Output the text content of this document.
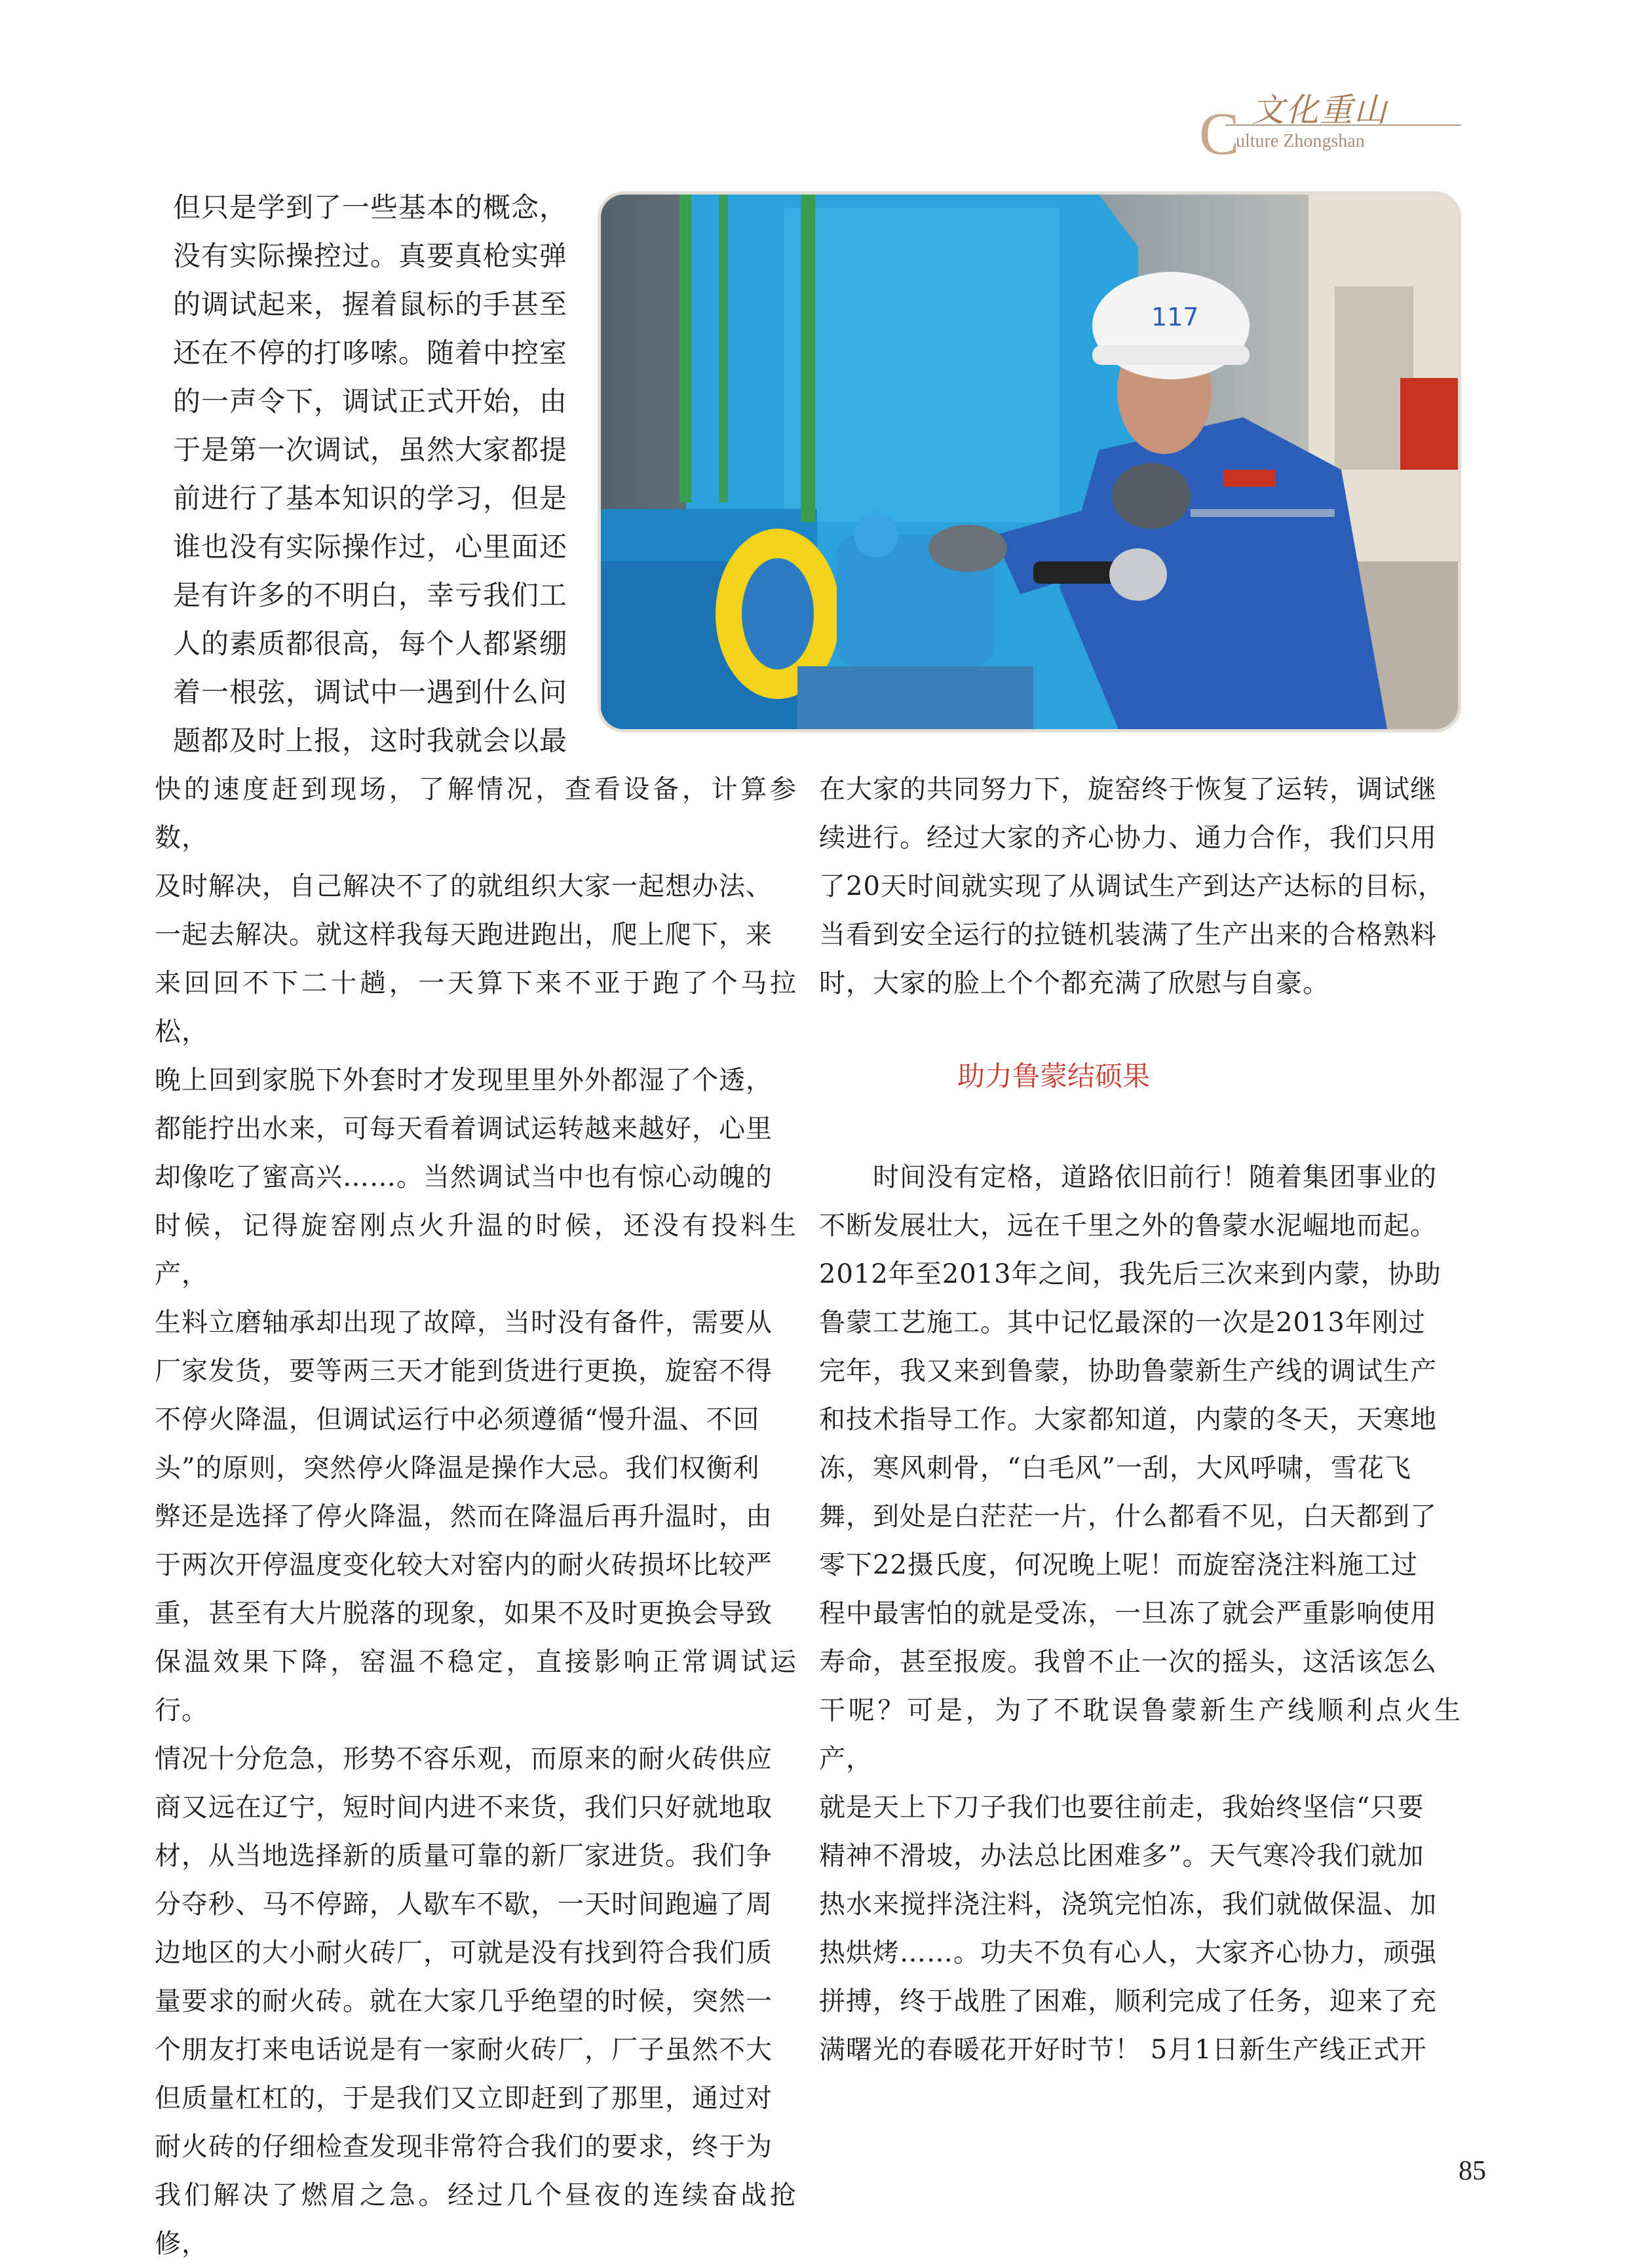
C 文化重山
ulture Zhongshan
117
但只是学到了一些基本的概念，
没有实际操控过。真要真枪实弹
的调试起来，握着鼠标的手甚至
还在不停的打哆嗦。随着中控室
的一声令下，调试正式开始，由
于是第一次调试，虽然大家都提
前进行了基本知识的学习，但是
谁也没有实际操作过，心里面还
是有许多的不明白，幸亏我们工
人的素质都很高，每个人都紧绷
着一根弦，调试中一遇到什么问
题都及时上报，这时我就会以最
快的速度赶到现场，了解情况，查看设备，计算参数，
及时解决，自己解决不了的就组织大家一起想办法、
一起去解决。就这样我每天跑进跑出，爬上爬下，来
来回回不下二十趟，一天算下来不亚于跑了个马拉松，
晚上回到家脱下外套时才发现里里外外都湿了个透，
都能拧出水来，可每天看着调试运转越来越好，心里
却像吃了蜜高兴……。当然调试当中也有惊心动魄的
时候，记得旋窑刚点火升温的时候，还没有投料生产，
生料立磨轴承却出现了故障，当时没有备件，需要从
厂家发货，要等两三天才能到货进行更换，旋窑不得
不停火降温，但调试运行中必须遵循“慢升温、不回
头”的原则，突然停火降温是操作大忌。我们权衡利
弊还是选择了停火降温，然而在降温后再升温时，由
于两次开停温度变化较大对窑内的耐火砖损坏比较严
重，甚至有大片脱落的现象，如果不及时更换会导致
保温效果下降，窑温不稳定，直接影响正常调试运行。
情况十分危急，形势不容乐观，而原来的耐火砖供应
商又远在辽宁，短时间内进不来货，我们只好就地取
材，从当地选择新的质量可靠的新厂家进货。我们争
分夺秒、马不停蹄，人歇车不歇，一天时间跑遍了周
边地区的大小耐火砖厂，可就是没有找到符合我们质
量要求的耐火砖。就在大家几乎绝望的时候，突然一
个朋友打来电话说是有一家耐火砖厂，厂子虽然不大
但质量杠杠的，于是我们又立即赶到了那里，通过对
耐火砖的仔细检查发现非常符合我们的要求，终于为
我们解决了燃眉之急。经过几个昼夜的连续奋战抢修，
在大家的共同努力下，旋窑终于恢复了运转，调试继
续进行。经过大家的齐心协力、通力合作，我们只用
了20天时间就实现了从调试生产到达产达标的目标，
当看到安全运行的拉链机装满了生产出来的合格熟料
时，大家的脸上个个都充满了欣慰与自豪。
助力鲁蒙结硕果
　　时间没有定格，道路依旧前行！随着集团事业的
不断发展壮大，远在千里之外的鲁蒙水泥崛地而起。
2012年至2013年之间，我先后三次来到内蒙，协助
鲁蒙工艺施工。其中记忆最深的一次是2013年刚过
完年，我又来到鲁蒙，协助鲁蒙新生产线的调试生产
和技术指导工作。大家都知道，内蒙的冬天，天寒地
冻，寒风刺骨，“白毛风”一刮，大风呼啸，雪花飞
舞，到处是白茫茫一片，什么都看不见，白天都到了
零下22摄氏度，何况晚上呢！而旋窑浇注料施工过
程中最害怕的就是受冻，一旦冻了就会严重影响使用
寿命，甚至报废。我曾不止一次的摇头，这活该怎么
干呢？可是，为了不耽误鲁蒙新生产线顺利点火生产，
就是天上下刀子我们也要往前走，我始终坚信“只要
精神不滑坡，办法总比困难多”。天气寒冷我们就加
热水来搅拌浇注料，浇筑完怕冻，我们就做保温、加
热烘烤……。功夫不负有心人，大家齐心协力，顽强
拼搏，终于战胜了困难，顺利完成了任务，迎来了充
满曙光的春暖花开好时节！ 5月1日新生产线正式开
85
